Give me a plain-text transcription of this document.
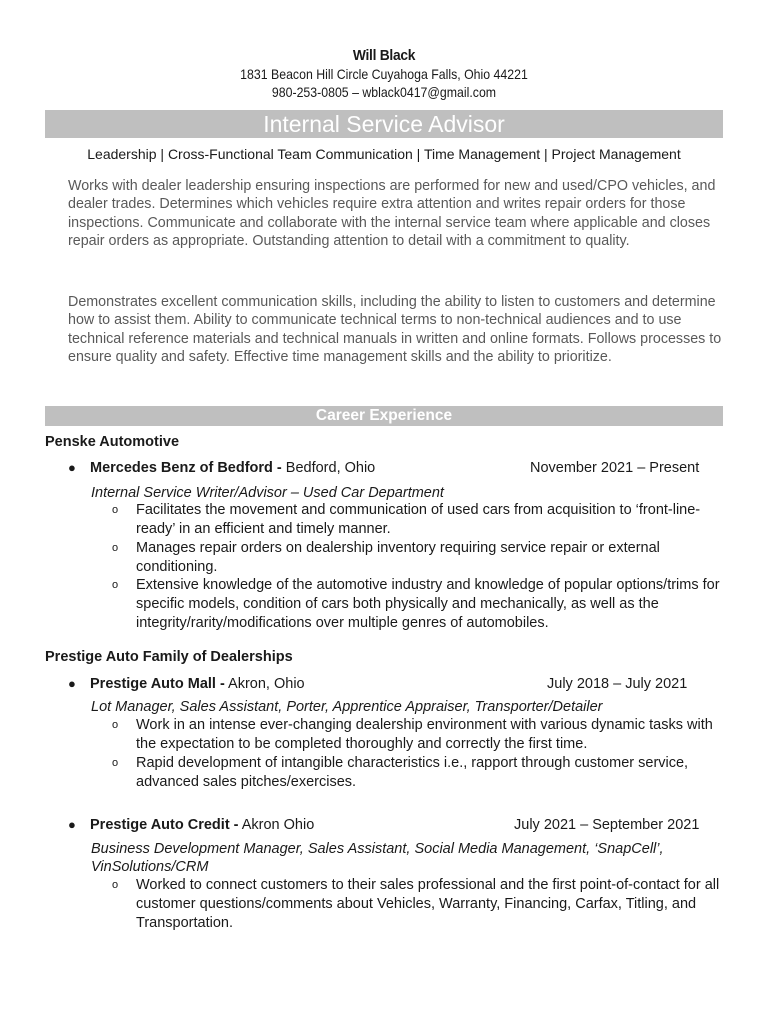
Will Black
1831 Beacon Hill Circle Cuyahoga Falls, Ohio 44221
980-253-0805 – wblack0417@gmail.com
Internal Service Advisor
Leadership | Cross-Functional Team Communication | Time Management | Project Management
Works with dealer leadership ensuring inspections are performed for new and used/CPO vehicles, and dealer trades. Determines which vehicles require extra attention and writes repair orders for those inspections. Communicate and collaborate with the internal service team where applicable and closes repair orders as appropriate. Outstanding attention to detail with a commitment to quality.
Demonstrates excellent communication skills, including the ability to listen to customers and determine how to assist them. Ability to communicate technical terms to non-technical audiences and to use technical reference materials and technical manuals in written and online formats. Follows processes to ensure quality and safety. Effective time management skills and the ability to prioritize.
Career Experience
Penske Automotive
● Mercedes Benz of Bedford - Bedford, Ohio	November 2021 – Present
Internal Service Writer/Advisor – Used Car Department
o Facilitates the movement and communication of used cars from acquisition to ‘front-line-ready’ in an efficient and timely manner.
o Manages repair orders on dealership inventory requiring service repair or external conditioning.
o Extensive knowledge of the automotive industry and knowledge of popular options/trims for specific models, condition of cars both physically and mechanically, as well as the integrity/rarity/modifications over multiple genres of automobiles.
Prestige Auto Family of Dealerships
● Prestige Auto Mall - Akron, Ohio	July 2018 – July 2021
Lot Manager, Sales Assistant, Porter, Apprentice Appraiser, Transporter/Detailer
o Work in an intense ever-changing dealership environment with various dynamic tasks with the expectation to be completed thoroughly and correctly the first time.
o Rapid development of intangible characteristics i.e., rapport through customer service, advanced sales pitches/exercises.
● Prestige Auto Credit - Akron Ohio	July 2021 – September 2021
Business Development Manager, Sales Assistant, Social Media Management, ‘SnapCell’, VinSolutions/CRM
o Worked to connect customers to their sales professional and the first point-of-contact for all customer questions/comments about Vehicles, Warranty, Financing, Carfax, Titling, and Transportation.
